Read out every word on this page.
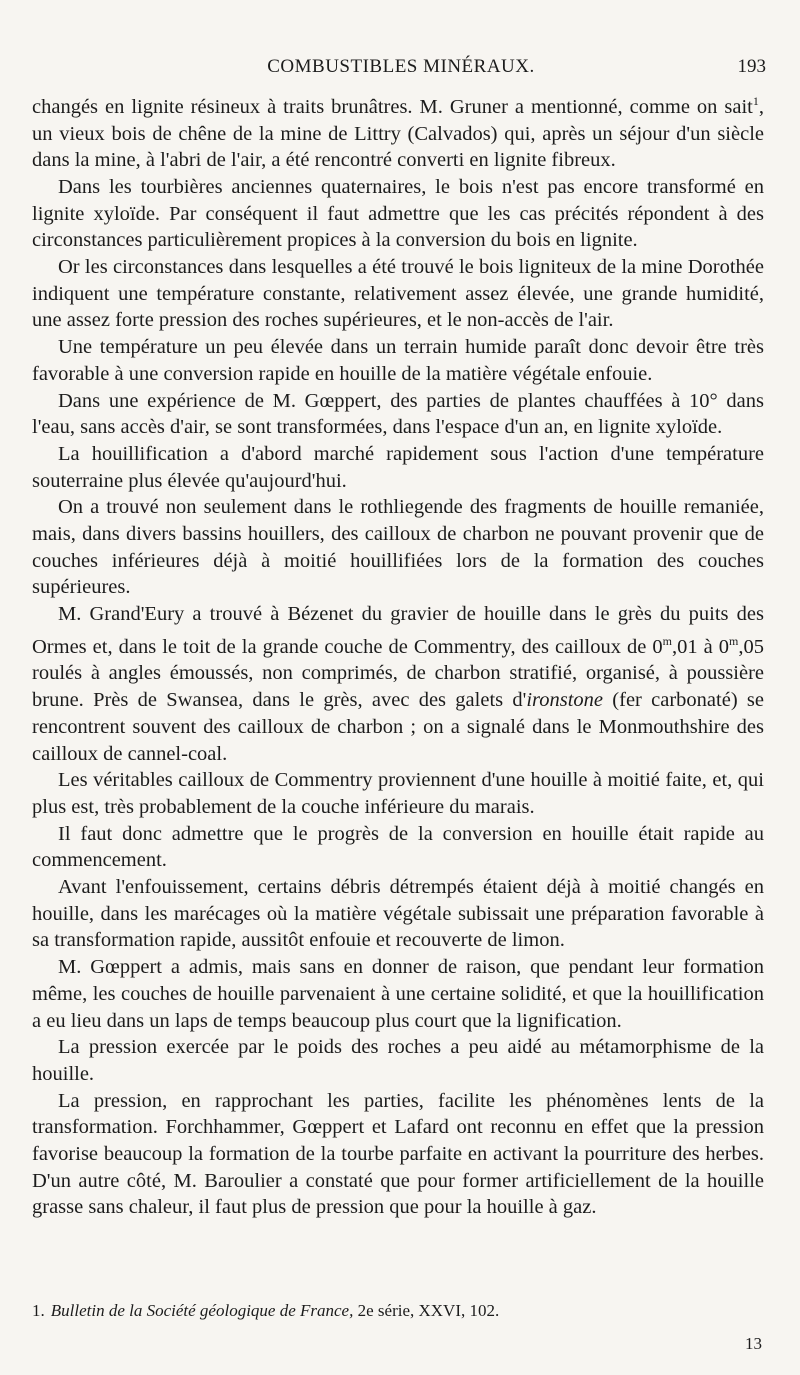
COMBUSTIBLES MINÉRAUX.	193

changés en lignite résineux à traits brunâtres. M. Gruner a mentionné, comme on sait$^1$, un vieux bois de chêne de la mine de Littry (Calvados) qui, après un séjour d'un siècle dans la mine, à l'abri de l'air, a été rencontré converti en lignite fibreux.

Dans les tourbières anciennes quaternaires, le bois n'est pas encore transformé en lignite xyloïde. Par conséquent il faut admettre que les cas précités répondent à des circonstances particulièrement propices à la conversion du bois en lignite.

Or les circonstances dans lesquelles a été trouvé le bois ligniteux de la mine Dorothée indiquent une température constante, relativement assez élevée, une grande humidité, une assez forte pression des roches supérieures, et le non-accès de l'air.

Une température un peu élevée dans un terrain humide paraît donc devoir être très favorable à une conversion rapide en houille de la matière végétale enfouie.

Dans une expérience de M. Gœppert, des parties de plantes chauffées à 10° dans l'eau, sans accès d'air, se sont transformées, dans l'espace d'un an, en lignite xyloïde.

La houillification a d'abord marché rapidement sous l'action d'une température souterraine plus élevée qu'aujourd'hui.

On a trouvé non seulement dans le rothliegende des fragments de houille remaniée, mais, dans divers bassins houillers, des cailloux de charbon ne pouvant provenir que de couches inférieures déjà à moitié houillifiées lors de la formation des couches supérieures.

M. Grand'Eury a trouvé à Bézenet du gravier de houille dans le grès du puits des Ormes et, dans le toit de la grande couche de Commentry, des cailloux de 0$^m$,01 à 0$^m$,05 roulés à angles émoussés, non comprimés, de charbon stratifié, organisé, à poussière brune. Près de Swansea, dans le grès, avec des galets d'ironstone (fer carbonaté) se rencontrent souvent des cailloux de charbon ; on a signalé dans le Monmouthshire des cailloux de cannel-coal.

Les véritables cailloux de Commentry proviennent d'une houille à moitié faite, et, qui plus est, très probablement de la couche inférieure du marais.

Il faut donc admettre que le progrès de la conversion en houille était rapide au commencement.

Avant l'enfouissement, certains débris détrempés étaient déjà à moitié changés en houille, dans les marécages où la matière végétale subissait une préparation favorable à sa transformation rapide, aussitôt enfouie et recouverte de limon.

M. Gœppert a admis, mais sans en donner de raison, que pendant leur formation même, les couches de houille parvenaient à une certaine solidité, et que la houillification a eu lieu dans un laps de temps beaucoup plus court que la lignification.

La pression exercée par le poids des roches a peu aidé au métamorphisme de la houille.

La pression, en rapprochant les parties, facilite les phénomènes lents de la transformation. Forchhammer, Gœppert et Lafard ont reconnu en effet que la pression favorise beaucoup la formation de la tourbe parfaite en activant la pourriture des herbes. D'un autre côté, M. Baroulier a constaté que pour former artificiellement de la houille grasse sans chaleur, il faut plus de pression que pour la houille à gaz.

1. Bulletin de la Société géologique de France, 2e série, XXVI, 102.
13
